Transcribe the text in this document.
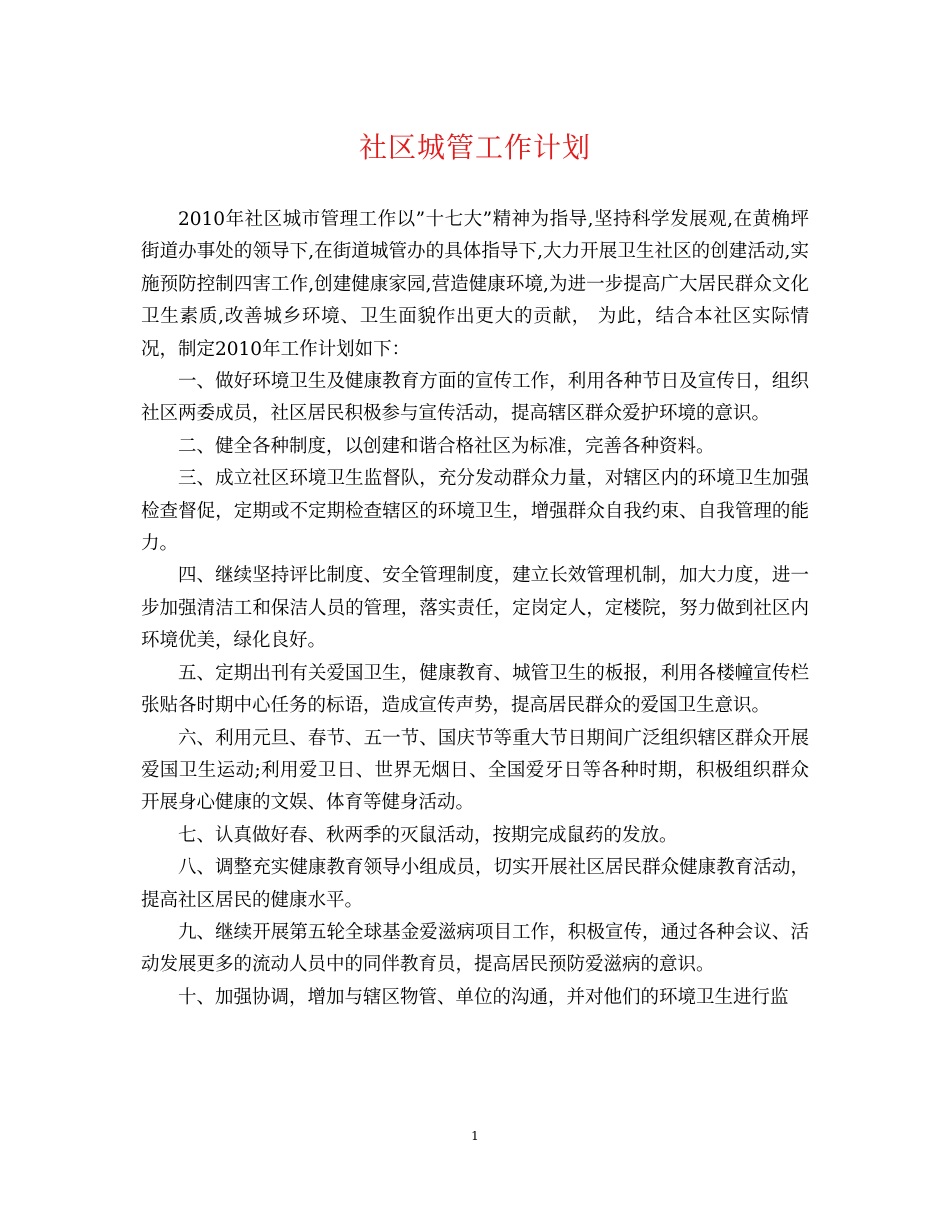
社区城管工作计划

2010年社区城市管理工作以”十七大”精神为指导,坚持科学发展观,在黄桷坪街道办事处的领导下,在街道城管办的具体指导下,大力开展卫生社区的创建活动,实施预防控制四害工作,创建健康家园,营造健康环境,为进一步提高广大居民群众文化卫生素质,改善城乡环境、卫生面貌作出更大的贡献， 为此，结合本社区实际情况，制定2010年工作计划如下：

一、做好环境卫生及健康教育方面的宣传工作，利用各种节日及宣传日，组织社区两委成员，社区居民积极参与宣传活动，提高辖区群众爱护环境的意识。

二、健全各种制度，以创建和谐合格社区为标准，完善各种资料。

三、成立社区环境卫生监督队，充分发动群众力量，对辖区内的环境卫生加强检查督促，定期或不定期检查辖区的环境卫生，增强群众自我约束、自我管理的能力。

四、继续坚持评比制度、安全管理制度，建立长效管理机制，加大力度，进一步加强清洁工和保洁人员的管理，落实责任，定岗定人，定楼院，努力做到社区内环境优美，绿化良好。

五、定期出刊有关爱国卫生，健康教育、城管卫生的板报，利用各楼幢宣传栏张贴各时期中心任务的标语，造成宣传声势，提高居民群众的爱国卫生意识。

六、利用元旦、春节、五一节、国庆节等重大节日期间广泛组织辖区群众开展爱国卫生运动;利用爱卫日、世界无烟日、全国爱牙日等各种时期，积极组织群众开展身心健康的文娱、体育等健身活动。

七、认真做好春、秋两季的灭鼠活动，按期完成鼠药的发放。

八、调整充实健康教育领导小组成员，切实开展社区居民群众健康教育活动，提高社区居民的健康水平。

九、继续开展第五轮全球基金爱滋病项目工作，积极宣传，通过各种会议、活动发展更多的流动人员中的同伴教育员，提高居民预防爱滋病的意识。

十、加强协调，增加与辖区物管、单位的沟通，并对他们的环境卫生进行监

1
